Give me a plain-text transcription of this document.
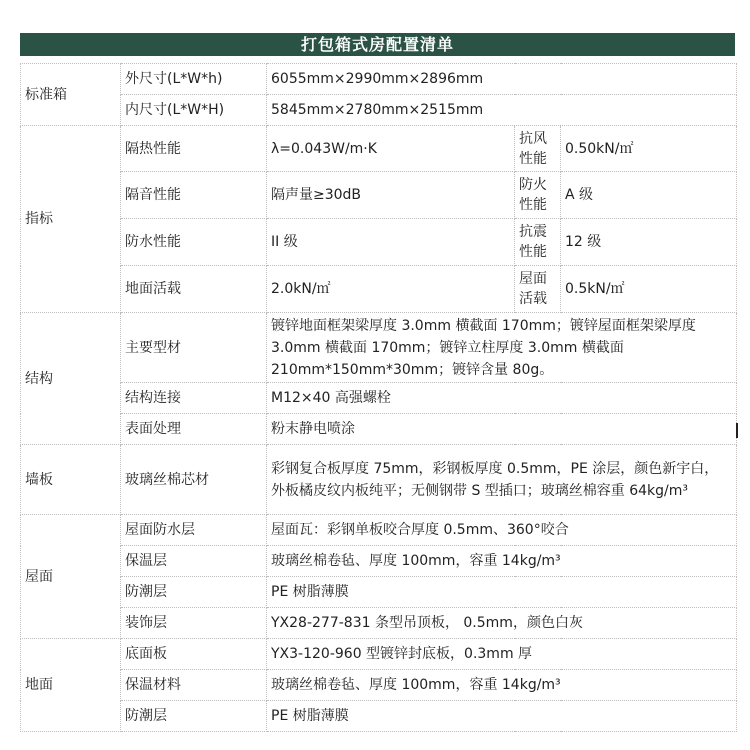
打包箱式房配置清单
标准箱	外尺寸(L*W*h)	6055mm×2990mm×2896mm		
	内尺寸(L*W*H)	5845mm×2780mm×2515mm		
指标	隔热性能	λ=0.043W/m·K	抗风性能	0.50kN/㎡
	隔音性能	隔声量≥30dB	防火性能	A 级
	防水性能	II 级	抗震性能	12 级
	地面活载	2.0kN/㎡	屋面活载	0.5kN/㎡
结构	主要型材	镀锌地面框架梁厚度 3.0mm 横截面 170mm；镀锌屋面框架梁厚度 3.0mm 横截面 170mm；镀锌立柱厚度 3.0mm 横截面 210mm*150mm*30mm；镀锌含量 80g。		
	结构连接	M12×40 高强螺栓		
	表面处理	粉末静电喷涂		
墙板	玻璃丝棉芯材	彩钢复合板厚度 75mm，彩钢板厚度 0.5mm，PE 涂层，颜色新宇白，外板橘皮纹内板纯平；无侧钢带 S 型插口；玻璃丝棉容重 64kg/m³		
屋面	屋面防水层	屋面瓦：彩钢单板咬合厚度 0.5mm、360°咬合		
	保温层	玻璃丝棉卷毡、厚度 100mm，容重 14kg/m³		
	防潮层	PE 树脂薄膜		
	装饰层	YX28-277-831 条型吊顶板， 0.5mm，颜色白灰		
地面	底面板	YX3-120-960 型镀锌封底板，0.3mm 厚		
	保温材料	玻璃丝棉卷毡、厚度 100mm，容重 14kg/m³		
	防潮层	PE 树脂薄膜		
